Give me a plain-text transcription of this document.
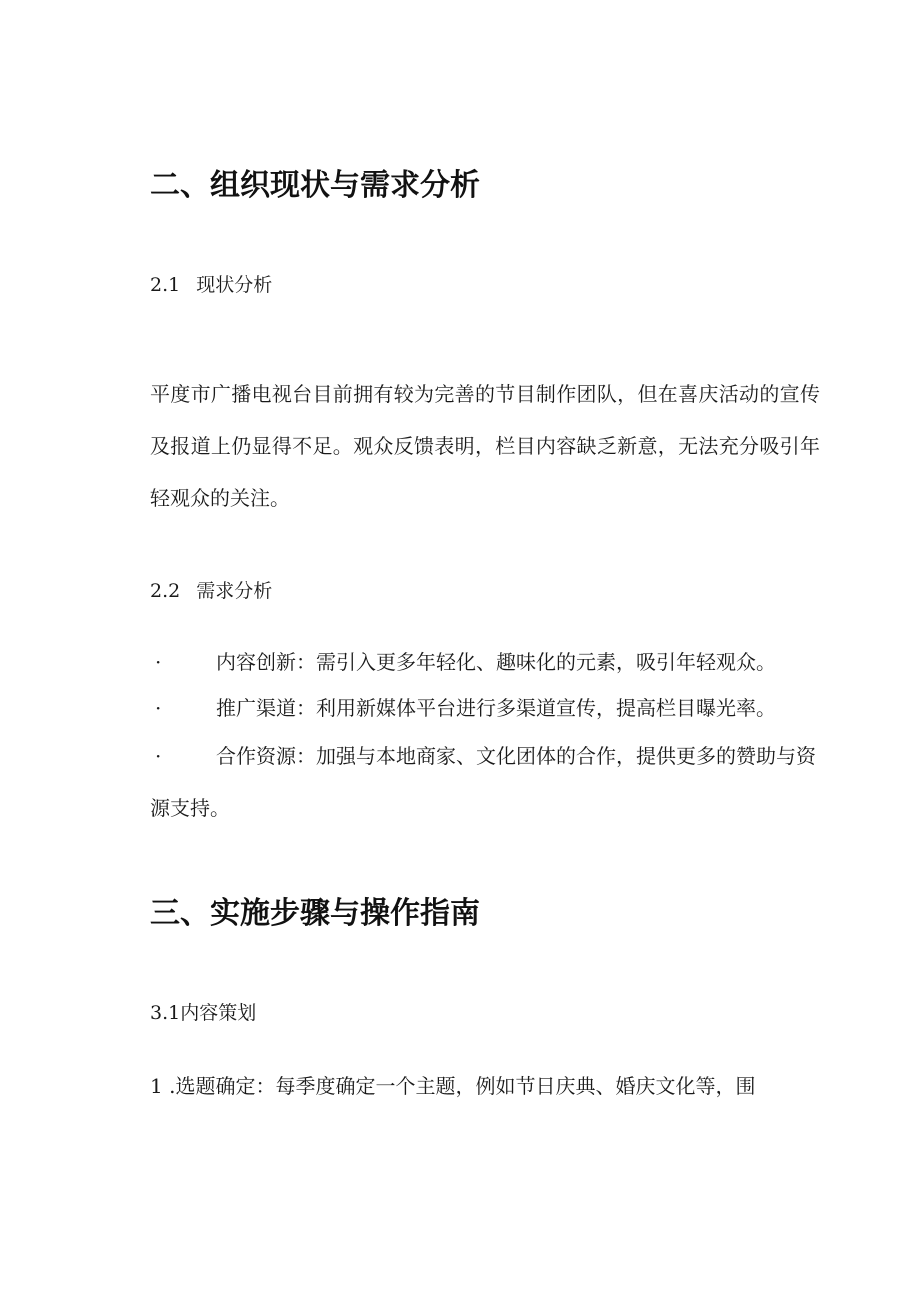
二、组织现状与需求分析
2.1 现状分析
平度市广播电视台目前拥有较为完善的节目制作团队，但在喜庆活动的宣传及报道上仍显得不足。观众反馈表明，栏目内容缺乏新意，无法充分吸引年轻观众的关注。
2.2 需求分析
·	内容创新：需引入更多年轻化、趣味化的元素，吸引年轻观众。
·	推广渠道：利用新媒体平台进行多渠道宣传，提高栏目曝光率。
·	合作资源：加强与本地商家、文化团体的合作，提供更多的赞助与资源支持。
三、实施步骤与操作指南
3.1内容策划
1 .选题确定：每季度确定一个主题，例如节日庆典、婚庆文化等，围
